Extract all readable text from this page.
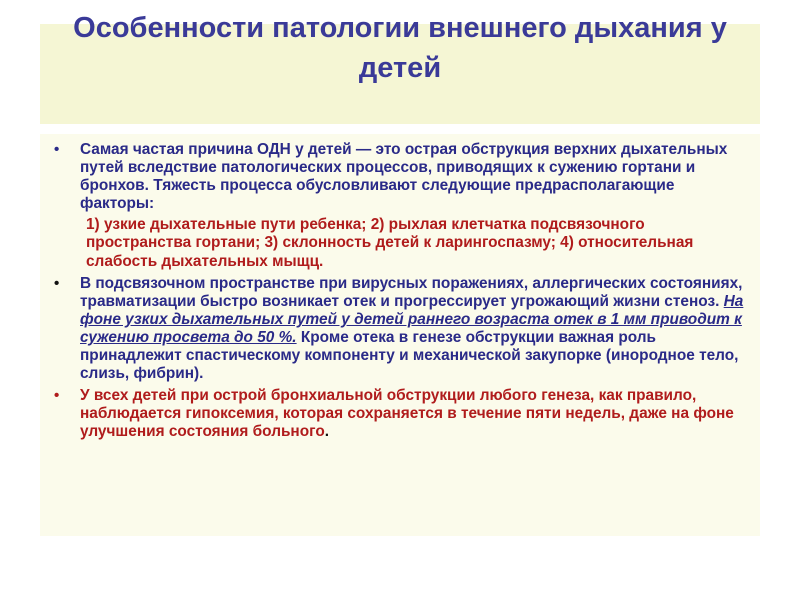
Особенности патологии внешнего дыхания у детей
• Самая частая причина ОДН у детей — это острая обструкция верхних дыхательных путей вследствие патологических процессов, приводящих к сужению гортани и бронхов. Тяжесть процесса обусловливают следующие предрасполагающие факторы:
1) узкие дыхательные пути ребенка; 2) рыхлая клетчатка подсвязочного пространства гортани; 3) склонность детей к ларингоспазму; 4) относительная слабость дыхательных мыщц.
• В подсвязочном пространстве при вирусных поражениях, аллергических состояниях, травматизации быстро возникает отек и прогрессирует угрожающий жизни стеноз. На фоне узких дыхательных путей у детей раннего возраста отек в 1 мм приводит к сужению просвета до 50 %. Кроме отека в генезе обструкции важная роль принадлежит спастическому компоненту и механической закупорке (инородное тело, слизь, фибрин).
• У всех детей при острой бронхиальной обструкции любого генеза, как правило, наблюдается гипоксемия, которая сохраняется в течение пяти недель, даже на фоне улучшения состояния больного.
